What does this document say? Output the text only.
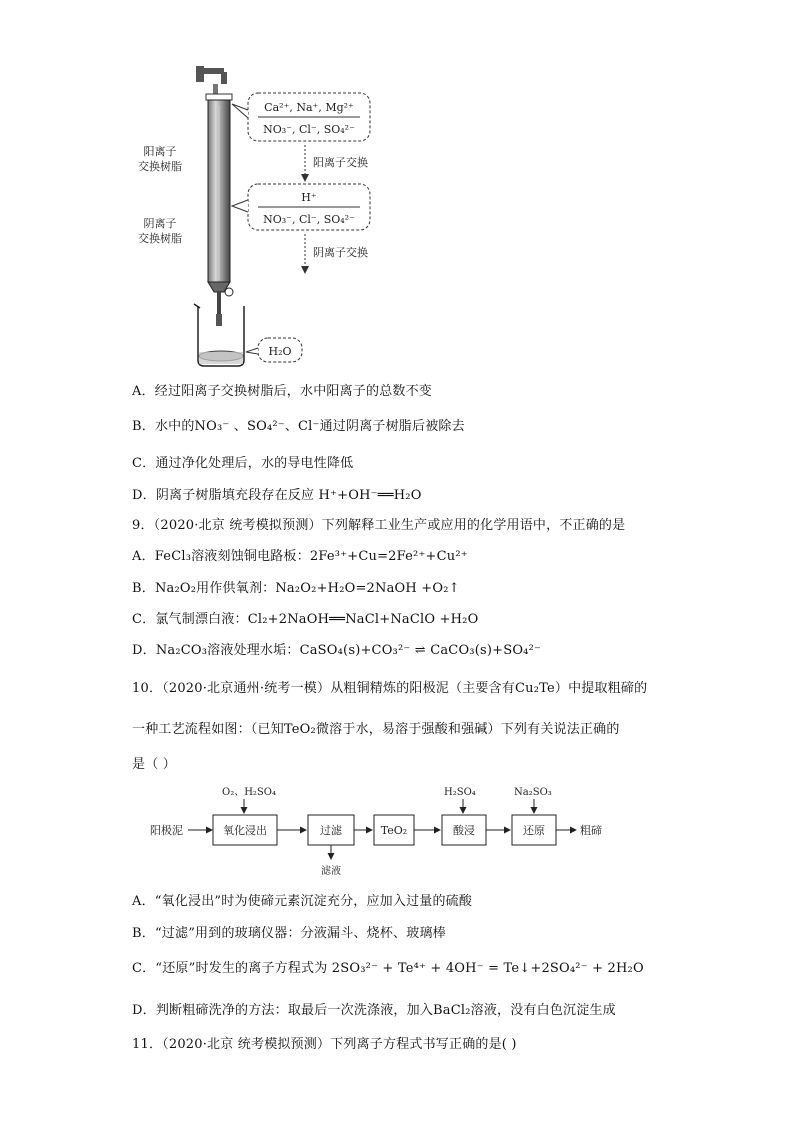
阳离子交换树脂
阴离子交换树脂
Ca²⁺, Na⁺, Mg²⁺
NO₃⁻, Cl⁻, SO₄²⁻
阳离子交换
H⁺
NO₃⁻, Cl⁻, SO₄²⁻
阴离子交换
H₂O
A．经过阳离子交换树脂后，水中阳离子的总数不变
B．水中的NO₃⁻ 、SO₄²⁻、Cl⁻通过阴离子树脂后被除去
C．通过净化处理后，水的导电性降低
D．阴离子树脂填充段存在反应 H⁺+OH⁻══H₂O
9．（2020·北京 统考模拟预测）下列解释工业生产或应用的化学用语中，不正确的是
A．FeCl₃溶液刻蚀铜电路板：2Fe³⁺+Cu=2Fe²⁺+Cu²⁺
B．Na₂O₂用作供氧剂：Na₂O₂+H₂O=2NaOH +O₂↑
C．氯气制漂白液：Cl₂+2NaOH══NaCl+NaClO +H₂O
D．Na₂CO₃溶液处理水垢：CaSO₄(s)+CO₃²⁻ ⇌ CaCO₃(s)+SO₄²⁻
10．（2020·北京通州·统考一模）从粗铜精炼的阳极泥（主要含有Cu₂Te）中提取粗碲的
一种工艺流程如图：（已知TeO₂微溶于水，易溶于强酸和强碱）下列有关说法正确的
是（ ）
阳极泥
O₂、H₂SO₄
氧化浸出	过滤
滤液
TeO₂
H₂SO₄
酸浸
Na₂SO₃
还原	粗碲
A．“氧化浸出”时为使碲元素沉淀充分，应加入过量的硫酸
B．“过滤”用到的玻璃仪器：分液漏斗、烧杯、玻璃棒
C．“还原”时发生的离子方程式为 2SO₃²⁻ + Te⁴⁺ + 4OH⁻ = Te↓+2SO₄²⁻ + 2H₂O
D．判断粗碲洗净的方法：取最后一次洗涤液，加入BaCl₂溶液，没有白色沉淀生成
11．（2020·北京 统考模拟预测）下列离子方程式书写正确的是( )
